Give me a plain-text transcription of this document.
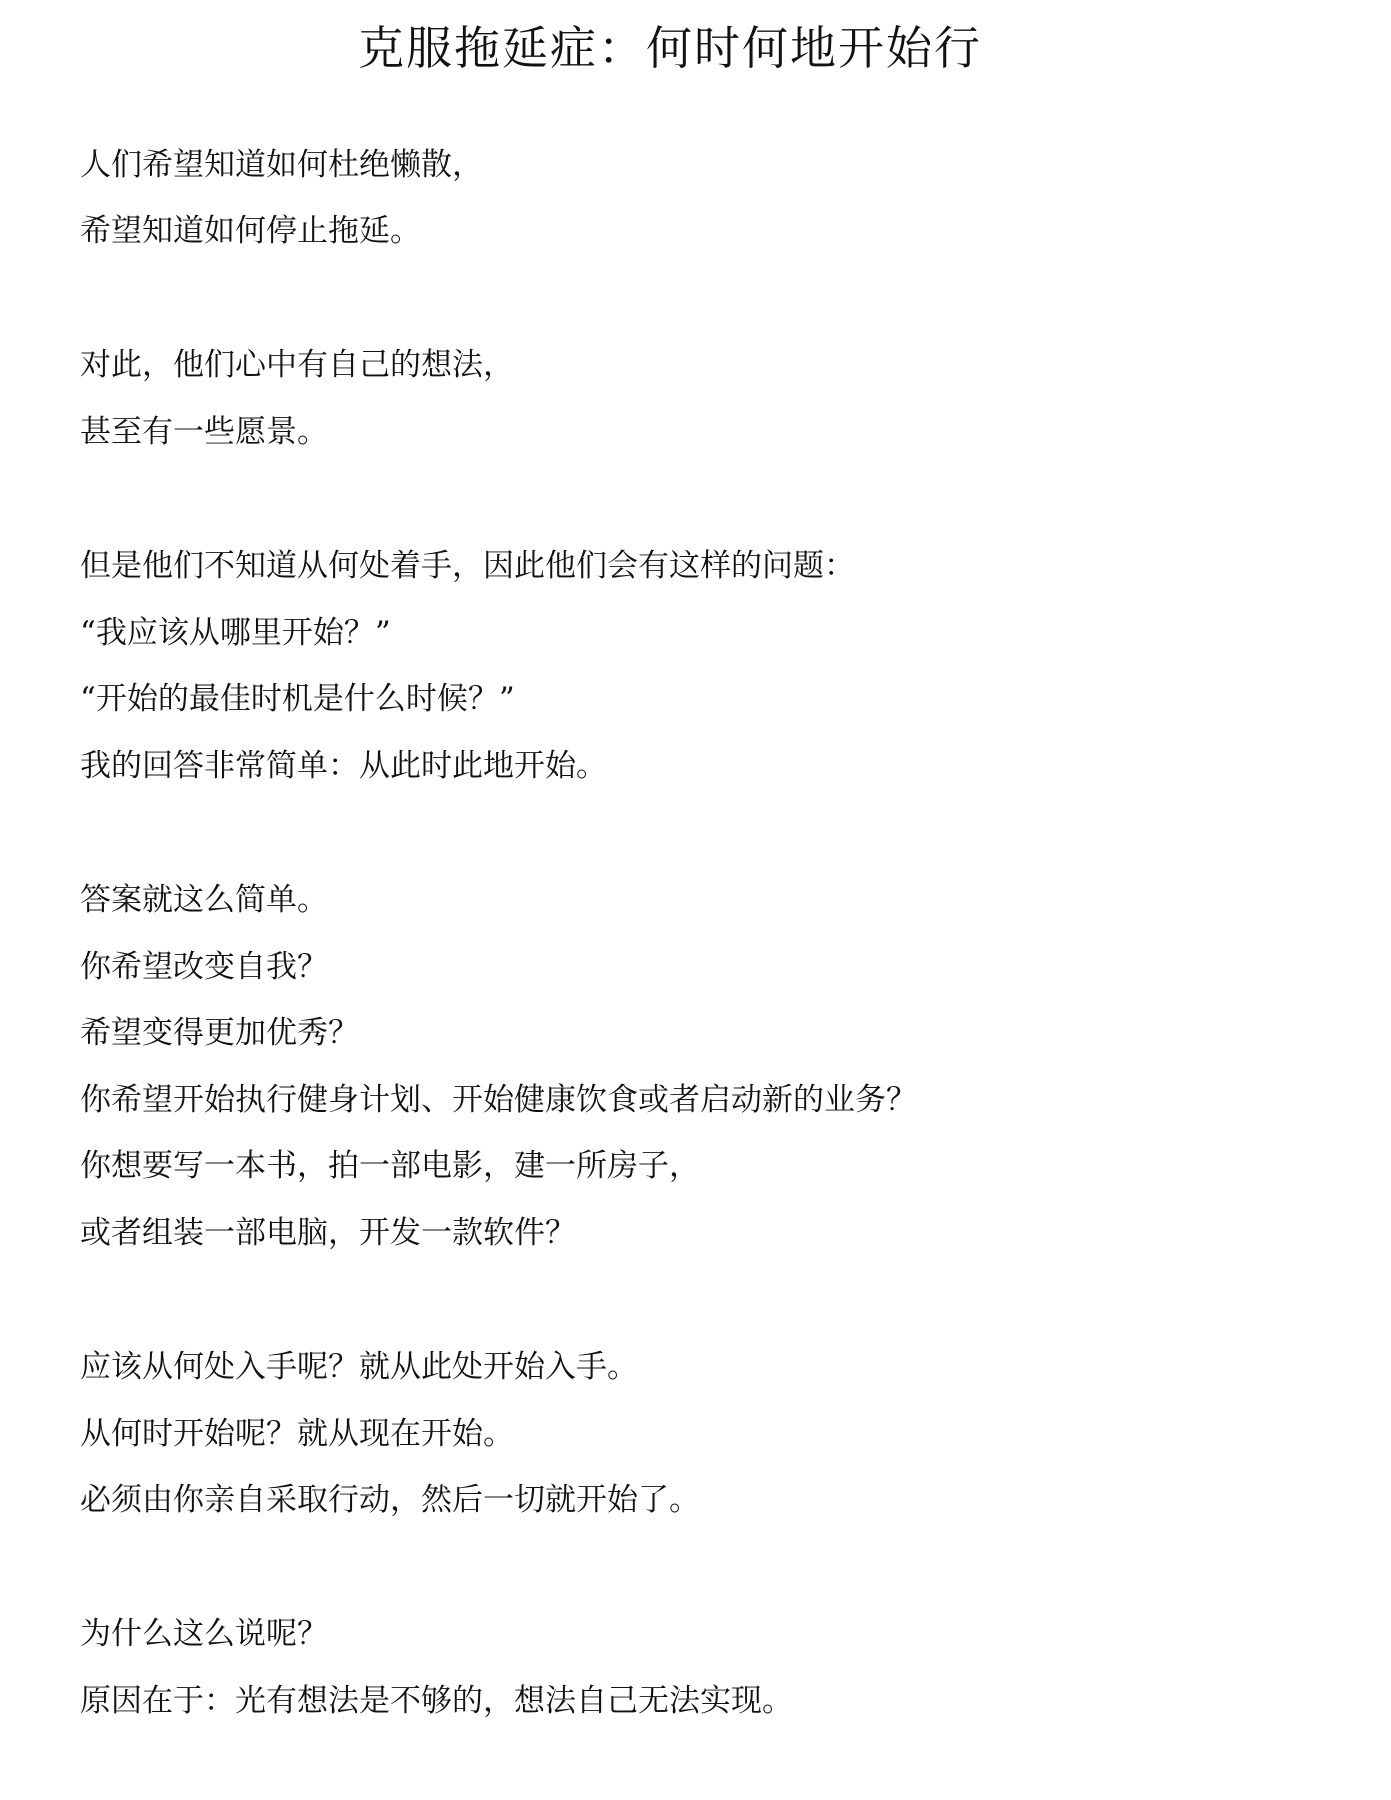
克服拖延症：何时何地开始行

人们希望知道如何杜绝懒散，

希望知道如何停止拖延。

对此，他们心中有自己的想法，

甚至有一些愿景。

但是他们不知道从何处着手，因此他们会有这样的问题：

“我应该从哪里开始？”

“开始的最佳时机是什么时候？”

我的回答非常简单：从此时此地开始。

答案就这么简单。

你希望改变自我？

希望变得更加优秀？

你希望开始执行健身计划、开始健康饮食或者启动新的业务？

你想要写一本书，拍一部电影，建一所房子，

或者组装一部电脑，开发一款软件？

应该从何处入手呢？就从此处开始入手。

从何时开始呢？就从现在开始。

必须由你亲自采取行动，然后一切就开始了。

为什么这么说呢？

原因在于：光有想法是不够的，想法自己无法实现。
